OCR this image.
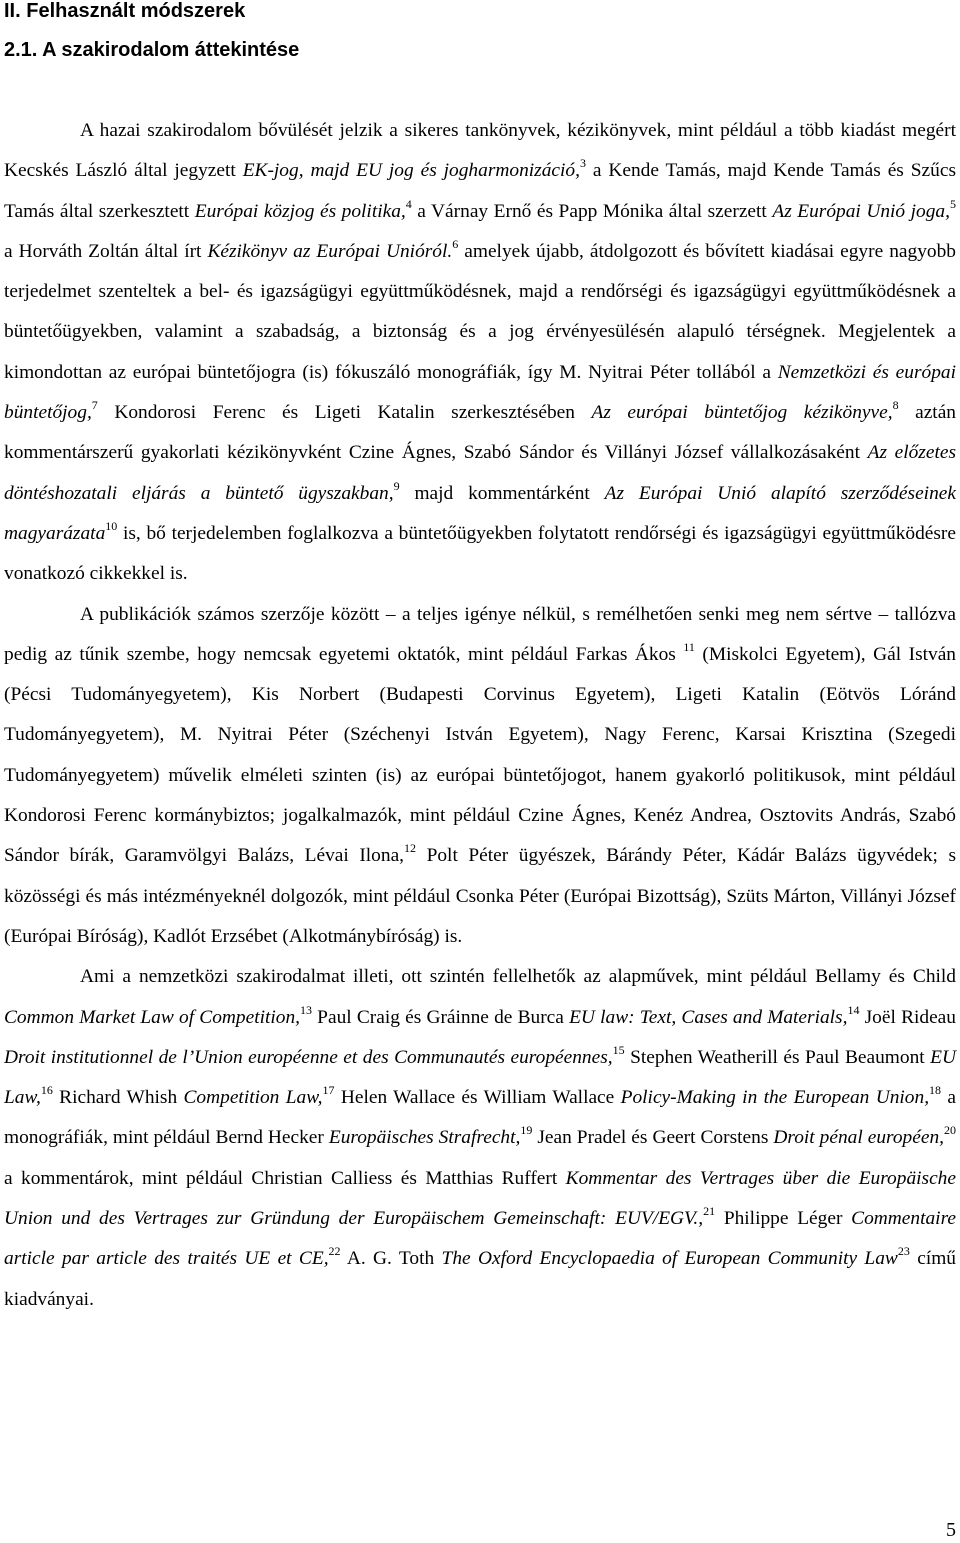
II. Felhasznált módszerek
2.1. A szakirodalom áttekintése

A hazai szakirodalom bővülését jelzik a sikeres tankönyvek, kézikönyvek, mint például a több kiadást megért Kecskés László által jegyzett EK-jog, majd EU jog és jogharmonizáció,$^3$ a Kende Tamás, majd Kende Tamás és Szűcs Tamás által szerkesztett Európai közjog és politika,$^4$ a Várnay Ernő és Papp Mónika által szerzett Az Európai Unió joga,$^5$ a Horváth Zoltán által írt Kézikönyv az Európai Unióról.$^6$ amelyek újabb, átdolgozott és bővített kiadásai egyre nagyobb terjedelmet szenteltek a bel- és igazságügyi együttműködésnek, majd a rendőrségi és igazságügyi együttműködésnek a büntetőügyekben, valamint a szabadság, a biztonság és a jog érvényesülésén alapuló térségnek. Megjelentek a kimondottan az európai büntetőjogra (is) fókuszáló monográfiák, így M. Nyitrai Péter tollából a Nemzetközi és európai büntetőjog,$^7$ Kondorosi Ferenc és Ligeti Katalin szerkesztésében Az európai büntetőjog kézikönyve,$^8$ aztán kommentárszerű gyakorlati kézikönyvként Czine Ágnes, Szabó Sándor és Villányi József vállalkozásaként Az előzetes döntéshozatali eljárás a büntető ügyszakban,$^9$ majd kommentárként Az Európai Unió alapító szerződéseinek magyarázata$^{10}$ is, bő terjedelemben foglalkozva a büntetőügyekben folytatott rendőrségi és igazságügyi együttműködésre vonatkozó cikkekkel is.

A publikációk számos szerzője között – a teljes igénye nélkül, s remélhetően senki meg nem sértve – tallózva pedig az tűnik szembe, hogy nemcsak egyetemi oktatók, mint például Farkas Ákos $^{11}$ (Miskolci Egyetem), Gál István (Pécsi Tudományegyetem), Kis Norbert (Budapesti Corvinus Egyetem), Ligeti Katalin (Eötvös Lóránd Tudományegyetem), M. Nyitrai Péter (Széchenyi István Egyetem), Nagy Ferenc, Karsai Krisztina (Szegedi Tudományegyetem) művelik elméleti szinten (is) az európai büntetőjogot, hanem gyakorló politikusok, mint például Kondorosi Ferenc kormánybiztos; jogalkalmazók, mint például Czine Ágnes, Kenéz Andrea, Osztovits András, Szabó Sándor bírák, Garamvölgyi Balázs, Lévai Ilona,$^{12}$ Polt Péter ügyészek, Bárándy Péter, Kádár Balázs ügyvédek; s közösségi és más intézményeknél dolgozók, mint például Csonka Péter (Európai Bizottság), Szüts Márton, Villányi József (Európai Bíróság), Kadlót Erzsébet (Alkotmánybíróság) is.

Ami a nemzetközi szakirodalmat illeti, ott szintén fellelhetők az alapművek, mint például Bellamy és Child Common Market Law of Competition,$^{13}$ Paul Craig és Gráinne de Burca EU law: Text, Cases and Materials,$^{14}$ Joël Rideau Droit institutionnel de l’Union européenne et des Communautés européennes,$^{15}$ Stephen Weatherill és Paul Beaumont EU Law,$^{16}$ Richard Whish Competition Law,$^{17}$ Helen Wallace és William Wallace Policy-Making in the European Union,$^{18}$ a monográfiák, mint például Bernd Hecker Europäisches Strafrecht,$^{19}$ Jean Pradel és Geert Corstens Droit pénal européen,$^{20}$ a kommentárok, mint például Christian Calliess és Matthias Ruffert Kommentar des Vertrages über die Europäische Union und des Vertrages zur Gründung der Europäischem Gemeinschaft: EUV/EGV.,$^{21}$ Philippe Léger Commentaire article par article des traités UE et CE,$^{22}$ A. G. Toth The Oxford Encyclopaedia of European Community Law$^{23}$ című kiadványai.

5
